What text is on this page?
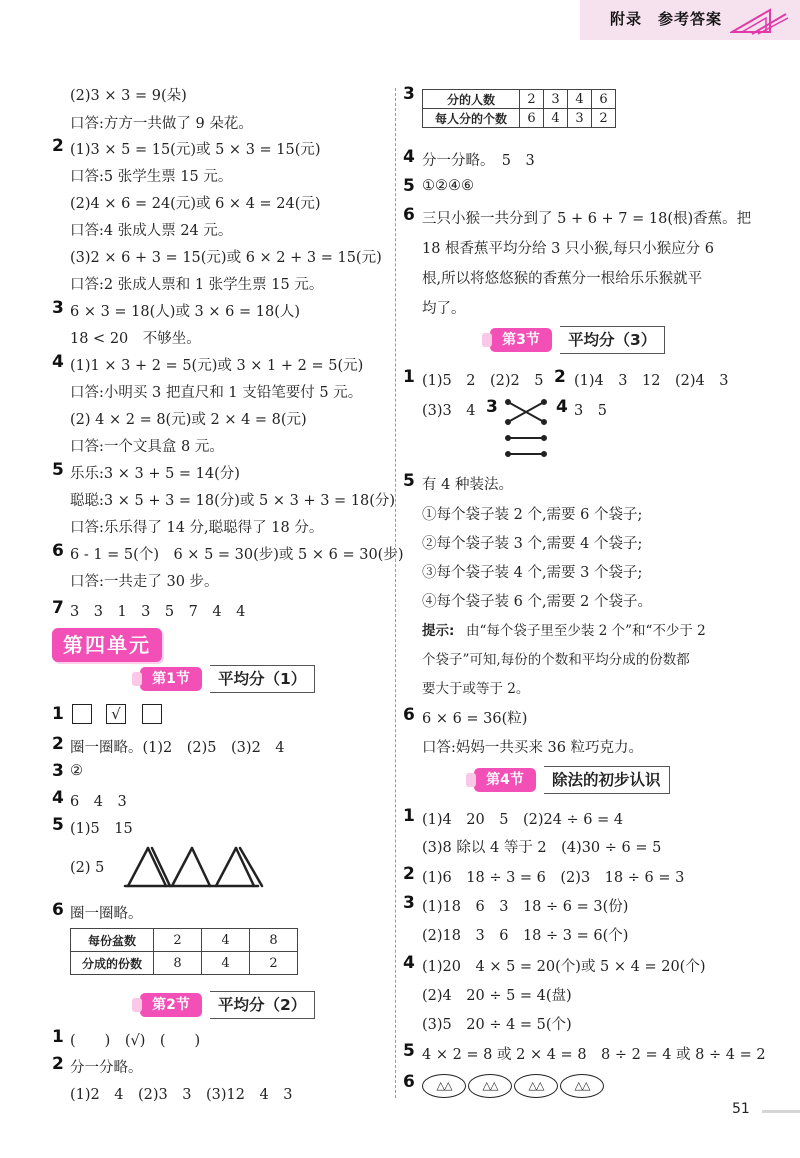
附录　参考答案
(2)3 × 3 = 9(朵)
口答:方方一共做了 9 朵花。
2 (1)3 × 5 = 15(元)或 5 × 3 = 15(元)
口答:5 张学生票 15 元。
(2)4 × 6 = 24(元)或 6 × 4 = 24(元)
口答:4 张成人票 24 元。
(3)2 × 6 + 3 = 15(元)或 6 × 2 + 3 = 15(元)
口答:2 张成人票和 1 张学生票 15 元。
3 6 × 3 = 18(人)或 3 × 6 = 18(人)
18 < 20　不够坐。
4 (1)1 × 3 + 2 = 5(元)或 3 × 1 + 2 = 5(元)
口答:小明买 3 把直尺和 1 支铅笔要付 5 元。
(2) 4 × 2 = 8(元)或 2 × 4 = 8(元)
口答:一个文具盒 8 元。
5 乐乐:3 × 3 + 5 = 14(分)
聪聪:3 × 5 + 3 = 18(分)或 5 × 3 + 3 = 18(分)
口答:乐乐得了 14 分,聪聪得了 18 分。
6 6 - 1 = 5(个)　6 × 5 = 30(步)或 5 × 6 = 30(步)
口答:一共走了 30 步。
7 3　3　1　3　5　7　4　4
第四单元
第1节	平均分（1）
1	√
2 圈一圈略。(1)2　(2)5　(3)2　4
3 ②
4 6　4　3
5 (1)5　15
(2) 5
6 圈一圈略。
每份盆数	2	4	8
分成的份数	8	4	2
第2节	平均分（2）
1 (　　)　(√)　(　　)
2 分一分略。
(1)2　4　(2)3　3　(3)12　4　3
3	分的人数	2	3	4	6
每人分的个数	6	4	3	2
4 分一分略。　5　3
5 ①②④⑥
6 三只小猴一共分到了 5 + 6 + 7 = 18(根)香蕉。把
18 根香蕉平均分给 3 只小猴,每只小猴应分 6
根,所以将悠悠猴的香蕉分一根给乐乐猴就平
均了。
第3节	平均分（3）
1 (1)5　2　(2)2　5 2 (1)4　3　12　(2)4　3
(3)3　4 3	4 3　5
5 有 4 种装法。
①每个袋子装 2 个,需要 6 个袋子;
②每个袋子装 3 个,需要 4 个袋子;
③每个袋子装 4 个,需要 3 个袋子;
④每个袋子装 6 个,需要 2 个袋子。
提示: 由“每个袋子里至少装 2 个”和“不少于 2
个袋子”可知,每份的个数和平均分成的份数都
要大于或等于 2。
6 6 × 6 = 36(粒)
口答:妈妈一共买来 36 粒巧克力。
第4节	除法的初步认识
1 (1)4　20　5　(2)24 ÷ 6 = 4
(3)8 除以 4 等于 2　(4)30 ÷ 6 = 5
2 (1)6　18 ÷ 3 = 6　(2)3　18 ÷ 6 = 3
3 (1)18　6　3　18 ÷ 6 = 3(份)
(2)18　3　6　18 ÷ 3 = 6(个)
4 (1)20　4 × 5 = 20(个)或 5 × 4 = 20(个)
(2)4　20 ÷ 5 = 4(盘)
(3)5　20 ÷ 4 = 5(个)
5 4 × 2 = 8 或 2 × 4 = 8　8 ÷ 2 = 4 或 8 ÷ 4 = 2
6	△△	△△	△△	△△
51
